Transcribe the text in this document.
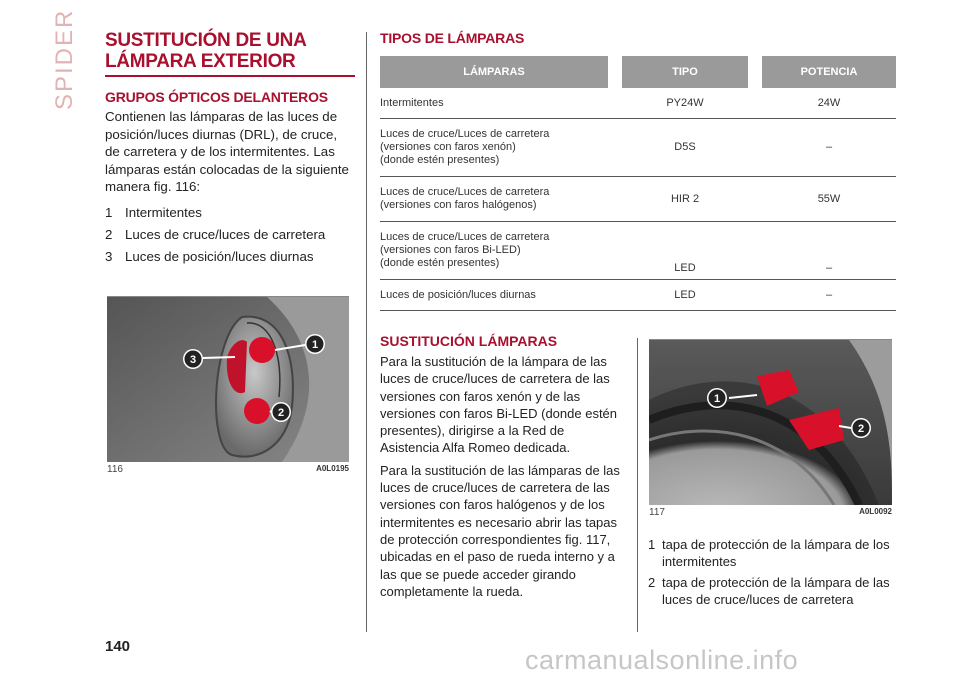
SPIDER SUSTITUCIÓN DE UNA
LÁMPARA EXTERIOR
GRUPOS ÓPTICOS DELANTEROS

Contienen las lámparas de las luces de posición/luces diurnas (DRL), de cruce, de carretera y de los intermitentes. Las lámparas están colocadas de la siguiente manera fig. 116:

1 Intermitentes
2 Luces de cruce/luces de carretera
3 Luces de posición/luces diurnas
1
2
3
116	A0L0195
TIPOS DE LÁMPARAS
LÁMPARAS		TIPO		POTENCIA

Intermitentes		PY24W		24W

Luces de cruce/Luces de carretera
(versiones con faros xenón)
(donde estén presentes)		D5S		–

Luces de cruce/Luces de carretera
(versiones con faros halógenos)		HIR 2		55W

Luces de cruce/Luces de carretera
(versiones con faros Bi-LED)
(donde estén presentes)		LED		–

Luces de posición/luces diurnas		LED		–
SUSTITUCIÓN LÁMPARAS

Para la sustitución de la lámpara de las luces de cruce/luces de carretera de las versiones con faros xenón y de las versiones con faros Bi-LED (donde estén presentes), dirigirse a la Red de Asistencia Alfa Romeo dedicada.

Para la sustitución de las lámparas de las luces de cruce/luces de carretera de las versiones con faros halógenos y de los intermitentes es necesario abrir las tapas de protección correspondientes fig. 117, ubicadas en el paso de rueda interno y a las que se puede acceder girando completamente la rueda.

1
2
117	A0L0092
1 tapa de protección de la lámpara de los intermitentes
2 tapa de protección de la lámpara de las luces de cruce/luces de carretera
140	carmanualsonline.info
